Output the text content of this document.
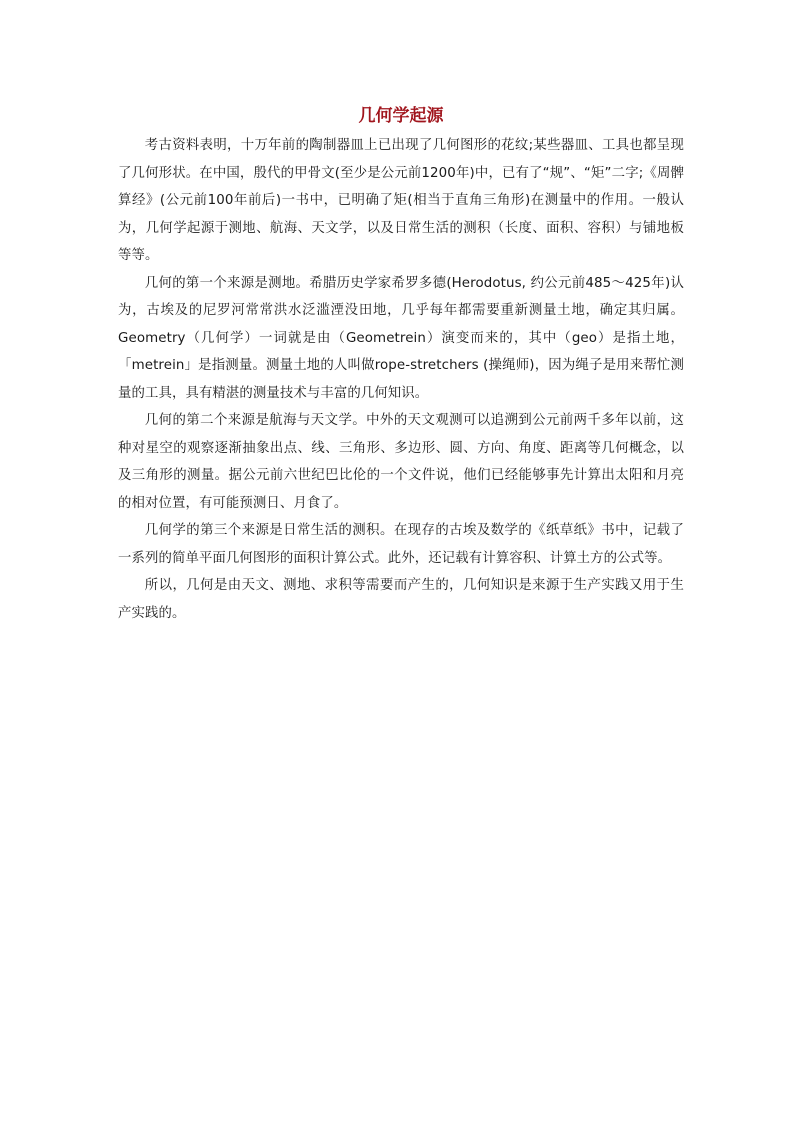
几何学起源

考古资料表明，十万年前的陶制器皿上已出现了几何图形的花纹;某些器皿、工具也都呈现了几何形状。在中国，殷代的甲骨文(至少是公元前1200年)中，已有了“规”、“矩”二字;《周髀算经》(公元前100年前后)一书中，已明确了矩(相当于直角三角形)在测量中的作用。一般认为，几何学起源于测地、航海、天文学，以及日常生活的测积（长度、面积、容积）与铺地板等等。

几何的第一个来源是测地。希腊历史学家希罗多德(Herodotus, 约公元前485～425年)认为，古埃及的尼罗河常常洪水泛滥湮没田地，几乎每年都需要重新测量土地，确定其归属。Geometry（几何学）一词就是由（Geometrein）演变而来的，其中（geo）是指土地，「metrein」是指测量。测量土地的人叫做rope-stretchers (操绳师)，因为绳子是用来帮忙测量的工具，具有精湛的测量技术与丰富的几何知识。

几何的第二个来源是航海与天文学。中外的天文观测可以追溯到公元前两千多年以前，这种对星空的观察逐渐抽象出点、线、三角形、多边形、圆、方向、角度、距离等几何概念，以及三角形的测量。据公元前六世纪巴比伦的一个文件说，他们已经能够事先计算出太阳和月亮的相对位置，有可能预测日、月食了。

几何学的第三个来源是日常生活的测积。在现存的古埃及数学的《纸草纸》书中，记载了一系列的简单平面几何图形的面积计算公式。此外，还记载有计算容积、计算土方的公式等。

所以，几何是由天文、测地、求积等需要而产生的，几何知识是来源于生产实践又用于生产实践的。
